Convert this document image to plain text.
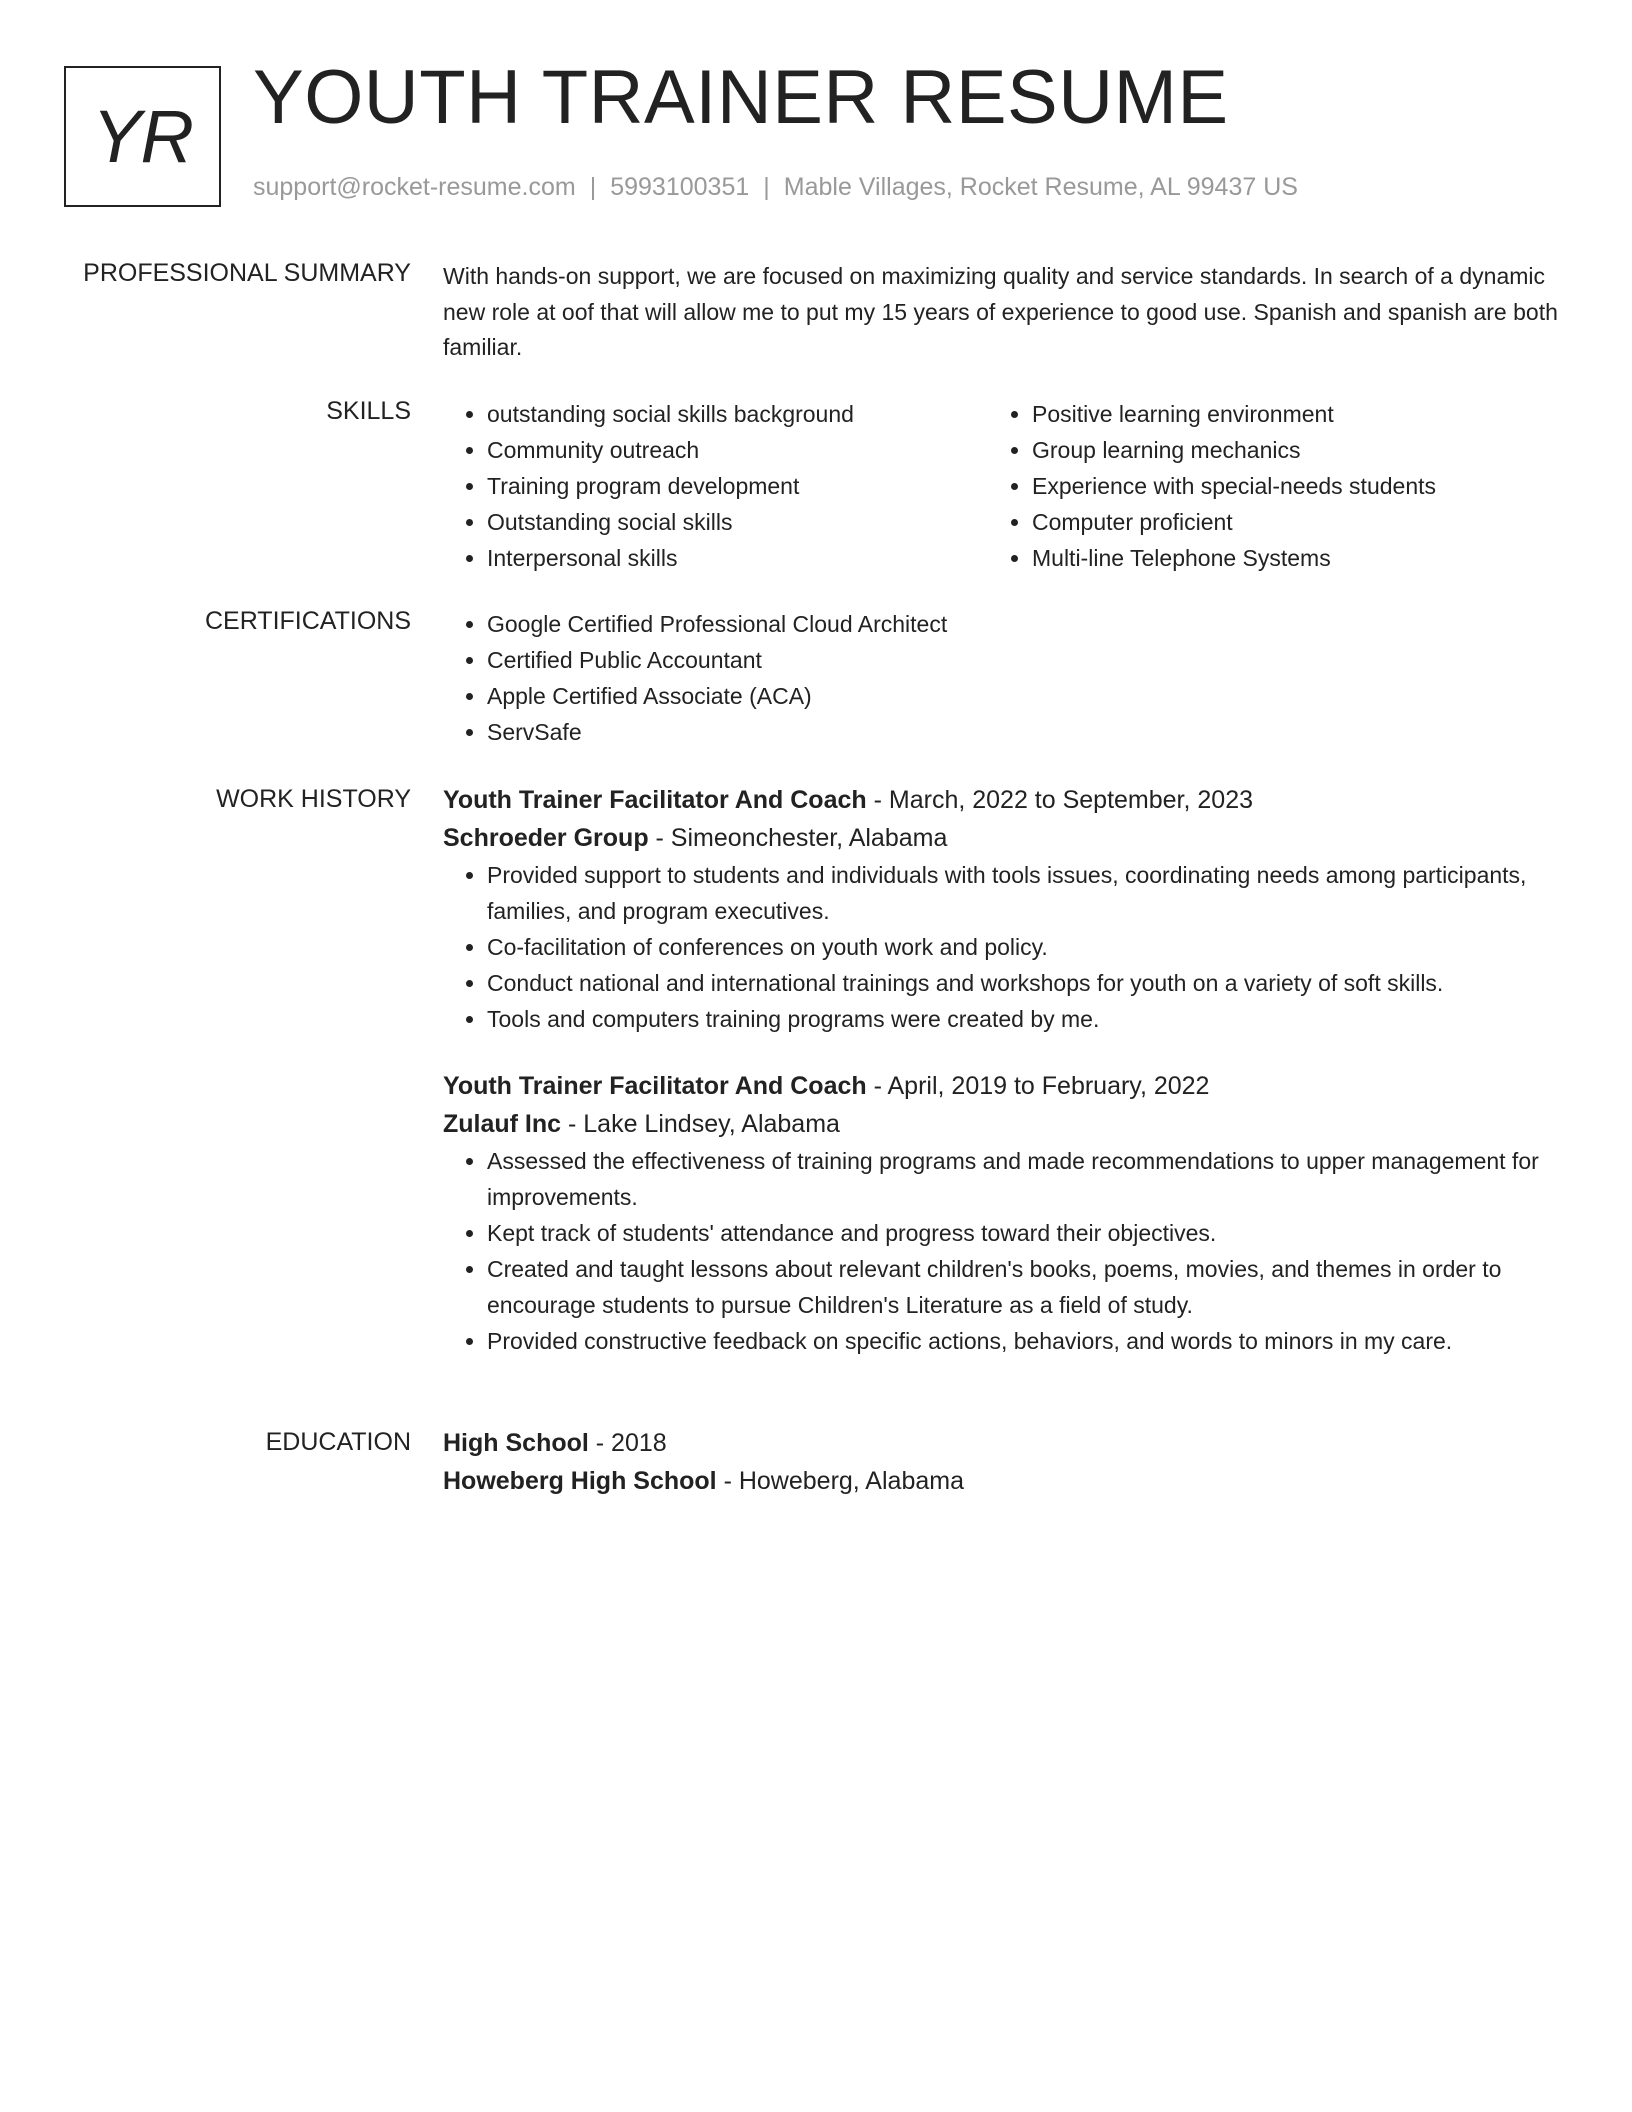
YR YOUTH TRAINER RESUME
support@rocket-resume.com | 5993100351 | Mable Villages, Rocket Resume, AL 99437 US
PROFESSIONAL SUMMARY With hands-on support, we are focused on maximizing quality and service standards. In search of a dynamic new role at oof that will allow me to put my 15 years of experience to good use. Spanish and spanish are both familiar.

SKILLS	• outstanding social skills background
• Community outreach
• Training program development
• Outstanding social skills
• Interpersonal skills
• Positive learning environment
• Group learning mechanics
• Experience with special-needs students
• Computer proficient
• Multi-line Telephone Systems
CERTIFICATIONS	• Google Certified Professional Cloud Architect
• Certified Public Accountant
• Apple Certified Associate (ACA)
• ServSafe
WORK HISTORY Youth Trainer Facilitator And Coach - March, 2022 to September, 2023
Schroeder Group - Simeonchester, Alabama
• Provided support to students and individuals with tools issues, coordinating needs among participants, families, and program executives.
• Co-facilitation of conferences on youth work and policy.
• Conduct national and international trainings and workshops for youth on a variety of soft skills.
• Tools and computers training programs were created by me.
Youth Trainer Facilitator And Coach - April, 2019 to February, 2022
Zulauf Inc - Lake Lindsey, Alabama
• Assessed the effectiveness of training programs and made recommendations to upper management for improvements.
• Kept track of students' attendance and progress toward their objectives.
• Created and taught lessons about relevant children's books, poems, movies, and themes in order to encourage students to pursue Children's Literature as a field of study.
• Provided constructive feedback on specific actions, behaviors, and words to minors in my care.
EDUCATION High School - 2018
Howeberg High School - Howeberg, Alabama
